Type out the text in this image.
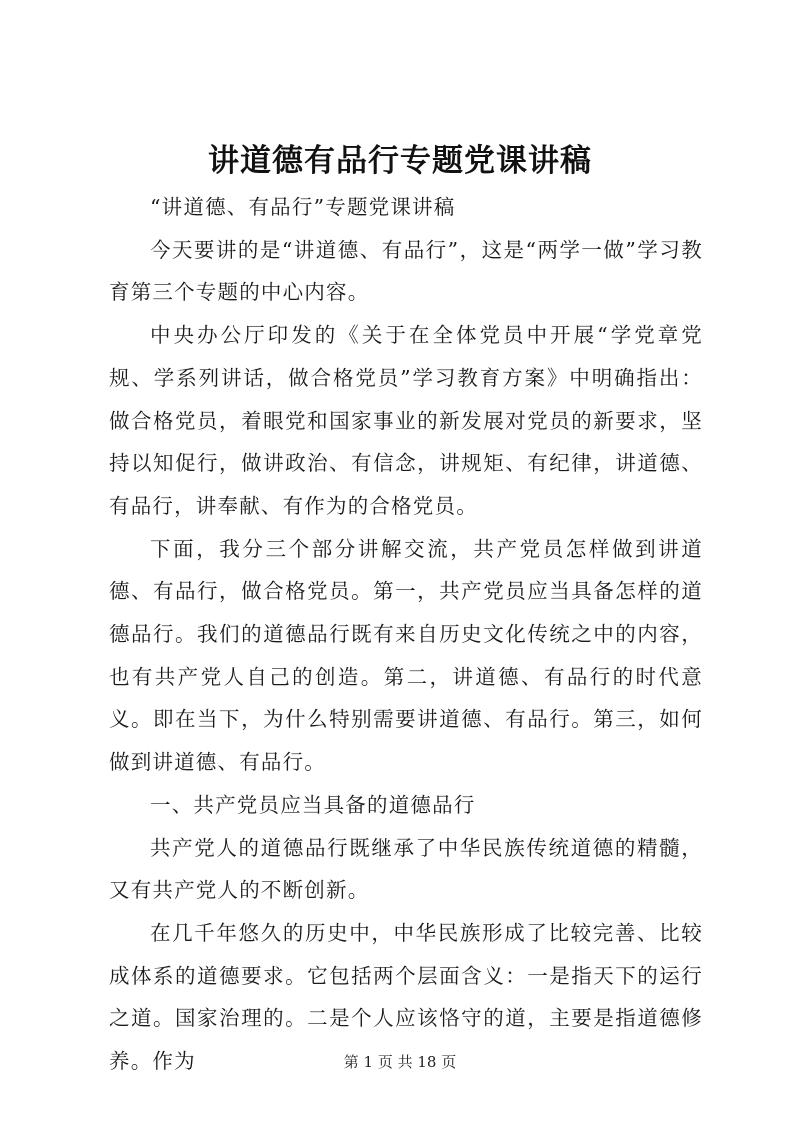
讲道德有品行专题党课讲稿

“讲道德、有品行”专题党课讲稿

今天要讲的是“讲道德、有品行”，这是“两学一做”学习教育第三个专题的中心内容。

中央办公厅印发的《关于在全体党员中开展“学党章党规、学系列讲话，做合格党员”学习教育方案》中明确指出：做合格党员，着眼党和国家事业的新发展对党员的新要求，坚持以知促行，做讲政治、有信念，讲规矩、有纪律，讲道德、有品行，讲奉献、有作为的合格党员。

下面，我分三个部分讲解交流，共产党员怎样做到讲道德、有品行，做合格党员。第一，共产党员应当具备怎样的道德品行。我们的道德品行既有来自历史文化传统之中的内容，也有共产党人自己的创造。第二，讲道德、有品行的时代意义。即在当下，为什么特别需要讲道德、有品行。第三，如何做到讲道德、有品行。

一、共产党员应当具备的道德品行

共产党人的道德品行既继承了中华民族传统道德的精髓，又有共产党人的不断创新。

在几千年悠久的历史中，中华民族形成了比较完善、比较成体系的道德要求。它包括两个层面含义：一是指天下的运行之道。国家治理的。二是个人应该恪守的道，主要是指道德修养。作为	第 1 页 共 18 页
